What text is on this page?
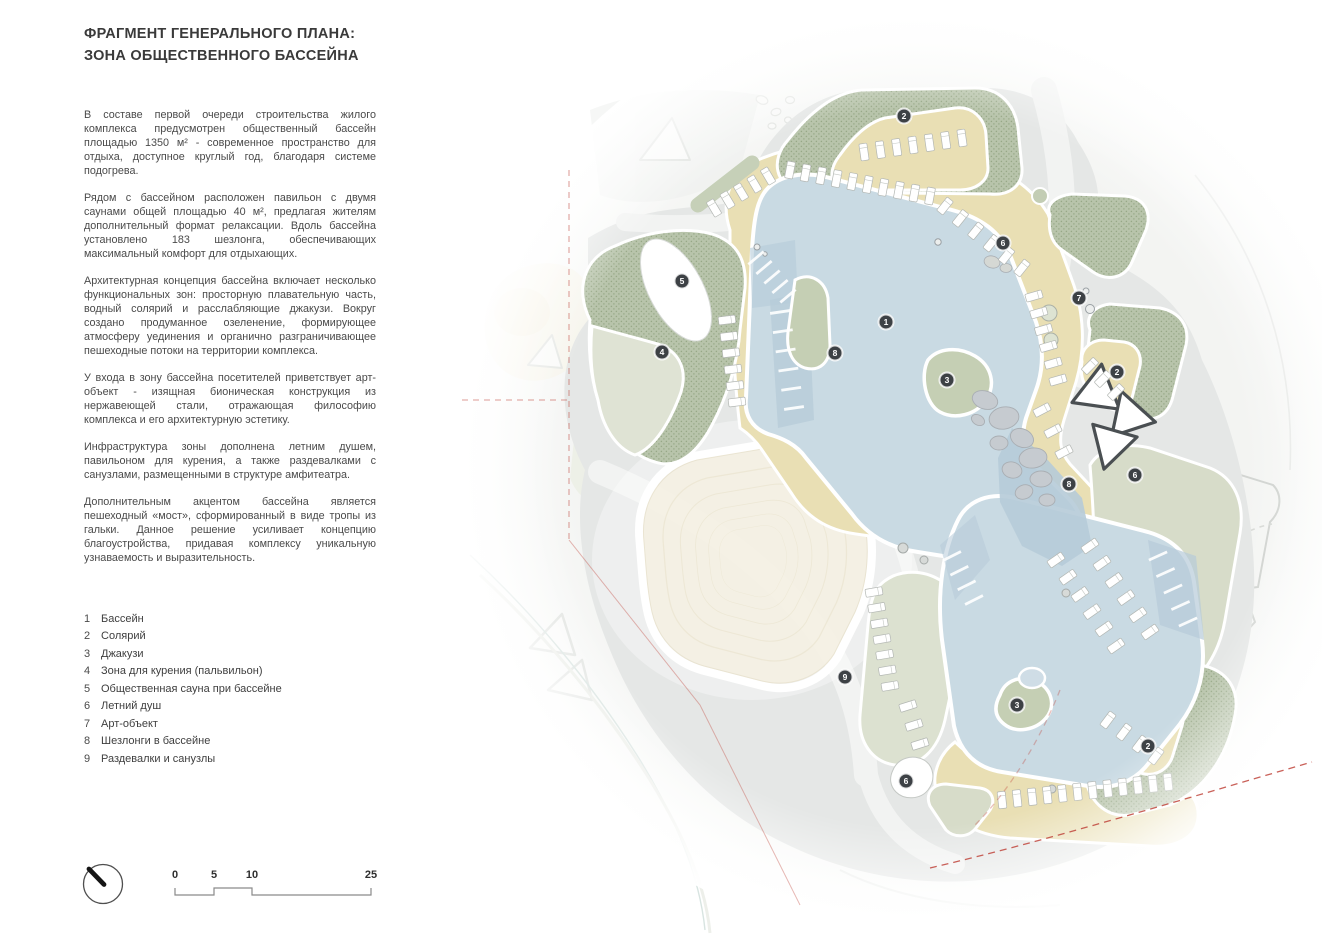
1
2
2
2
3
3
4
5
6
6
6
7
8
8
9
ФРАГМЕНТ ГЕНЕРАЛЬНОГО ПЛАНА: ЗОНА ОБЩЕСТВЕННОГО БАССЕЙНА

В составе первой очереди строительства жилого комплекса предусмотрен общественный бассейн площадью 1350 м² - современное пространство для отдыха, доступное круглый год, благодаря системе подогрева.

Рядом с бассейном расположен павильон с двумя саунами общей площадью 40 м², предлагая жителям дополнительный формат релаксации. Вдоль бассейна установлено 183 шезлонга, обеспечивающих максимальный комфорт для отдыхающих.

Архитектурная концепция бассейна включает несколько функциональных зон: просторную плавательную часть, водный солярий и расслабляющие джакузи. Вокруг создано продуманное озеленение, формирующее атмосферу уединения и органично разграничивающее пешеходные потоки на территории комплекса.

У входа в зону бассейна посетителей приветствует арт-объект - изящная бионическая конструкция из нержавеющей стали, отражающая философию комплекса и его архитектурную эстетику.

Инфраструктура зоны дополнена летним душем, павильоном для курения, а также раздевалками с санузлами, размещенными в структуре амфитеатра.

Дополнительным акцентом бассейна является пешеходный «мост», сформированный в виде тропы из гальки. Данное решение усиливает концепцию благоустройства, придавая комплексу уникальную узнаваемость и выразительность.

1 Бассейн
2 Солярий
3 Джакузи
4 Зона для курения (пальвильон)
5 Общественная сауна при бассейне
6 Летний душ
7 Арт-объект
8 Шезлонги в бассейне
9 Раздевалки и санузлы
0	5	10	25
